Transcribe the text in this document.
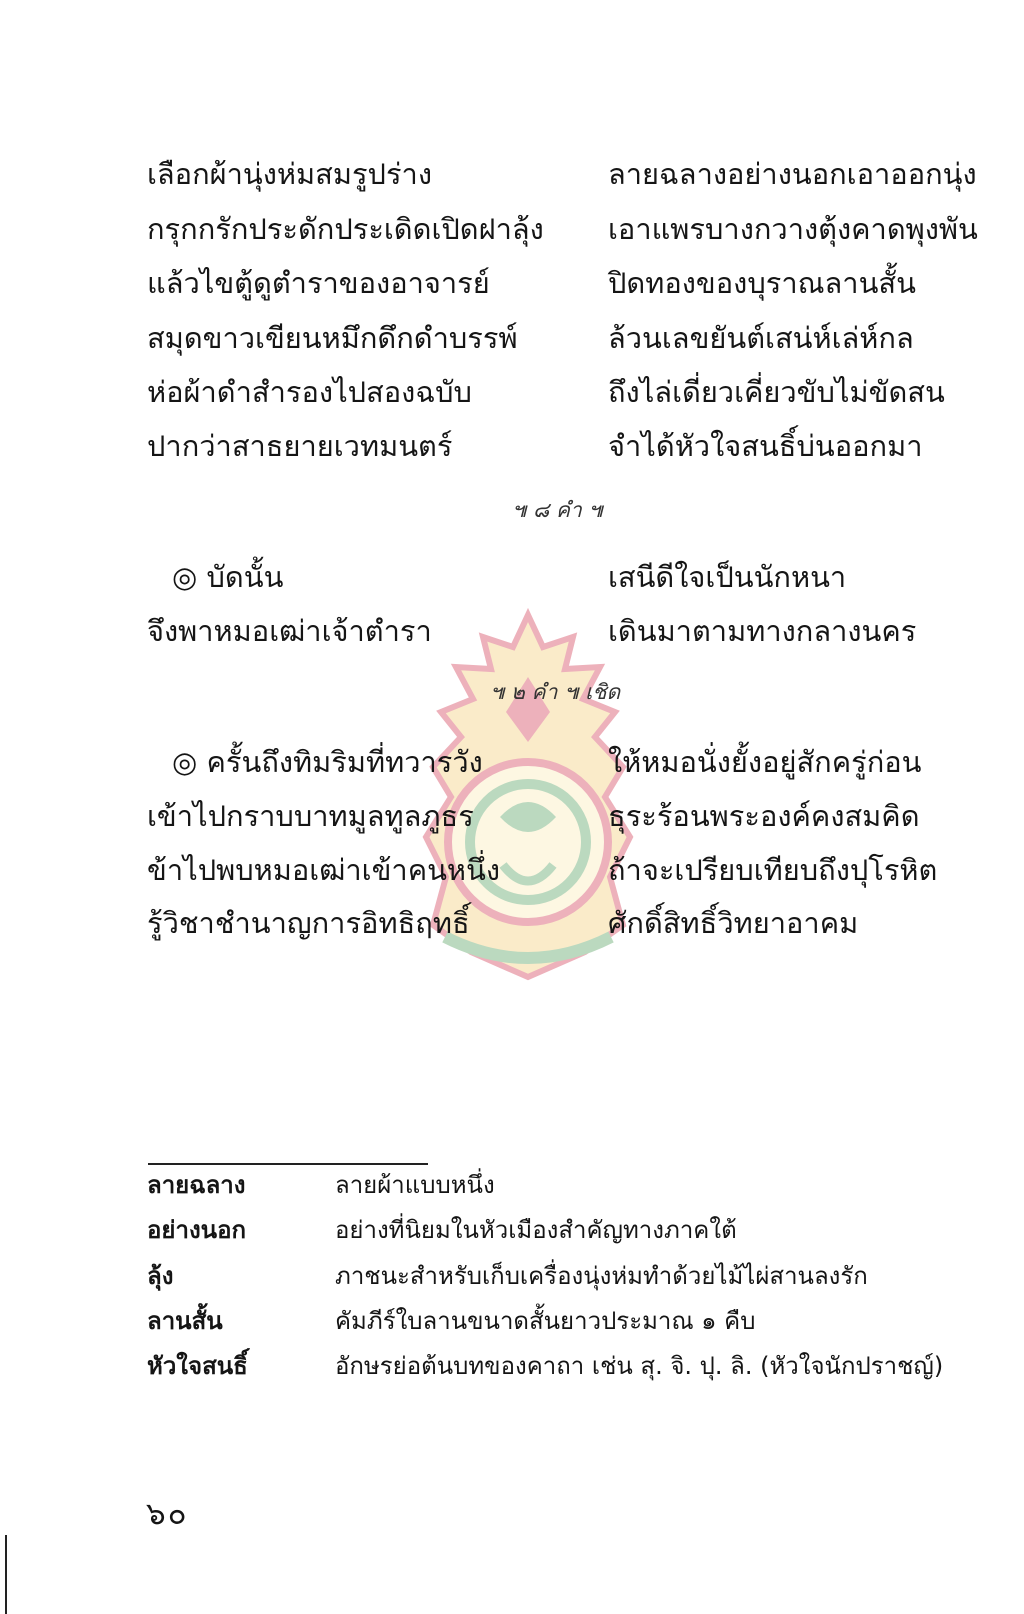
เลือกผ้านุ่งห่มสมรูปร่าง	ลายฉลางอย่างนอกเอาออกนุ่ง
กรุกกรักประดักประเดิดเปิดฝาลุ้ง เอาแพรบางกวางตุ้งคาดพุงพัน
แล้วไขตู้ดูตำราของอาจารย์	ปิดทองของบุราณลานสั้น
สมุดขาวเขียนหมึกดึกดำบรรพ์	ล้วนเลขยันต์เสน่ห์เล่ห์กล
ห่อผ้าดำสำรองไปสองฉบับ	ถึงไล่เดี่ยวเคี่ยวขับไม่ขัดสน
ปากว่าสาธยายเวทมนตร์	จำได้หัวใจสนธิ์บ่นออกมา
๚ ๘ คำ ๚
◎ บัดนั้น	เสนีดีใจเป็นนักหนา
จึงพาหมอเฒ่าเจ้าตำรา	เดินมาตามทางกลางนคร
๚ ๒ คำ ๚ เชิด
◎ ครั้นถึงทิมริมที่ทวารวัง	ให้หมอนั่งยั้งอยู่สักครู่ก่อน
เข้าไปกราบบาทมูลทูลภูธร	ธุระร้อนพระองค์คงสมคิด
ข้าไปพบหมอเฒ่าเข้าคนหนึ่ง	ถ้าจะเปรียบเทียบถึงปุโรหิต
รู้วิชาชำนาญการอิทธิฤทธิ์	ศักดิ์สิทธิ์วิทยาอาคม
ลายฉลาง	ลายผ้าแบบหนึ่ง
อย่างนอก	อย่างที่นิยมในหัวเมืองสำคัญทางภาคใต้
ลุ้ง	ภาชนะสำหรับเก็บเครื่องนุ่งห่มทำด้วยไม้ไผ่สานลงรัก
ลานสั้น	คัมภีร์ใบลานขนาดสั้นยาวประมาณ ๑ คืบ
หัวใจสนธิ์	อักษรย่อต้นบทของคาถา เช่น สุ. จิ. ปุ. ลิ. (หัวใจนักปราชญ์)
๖๐
